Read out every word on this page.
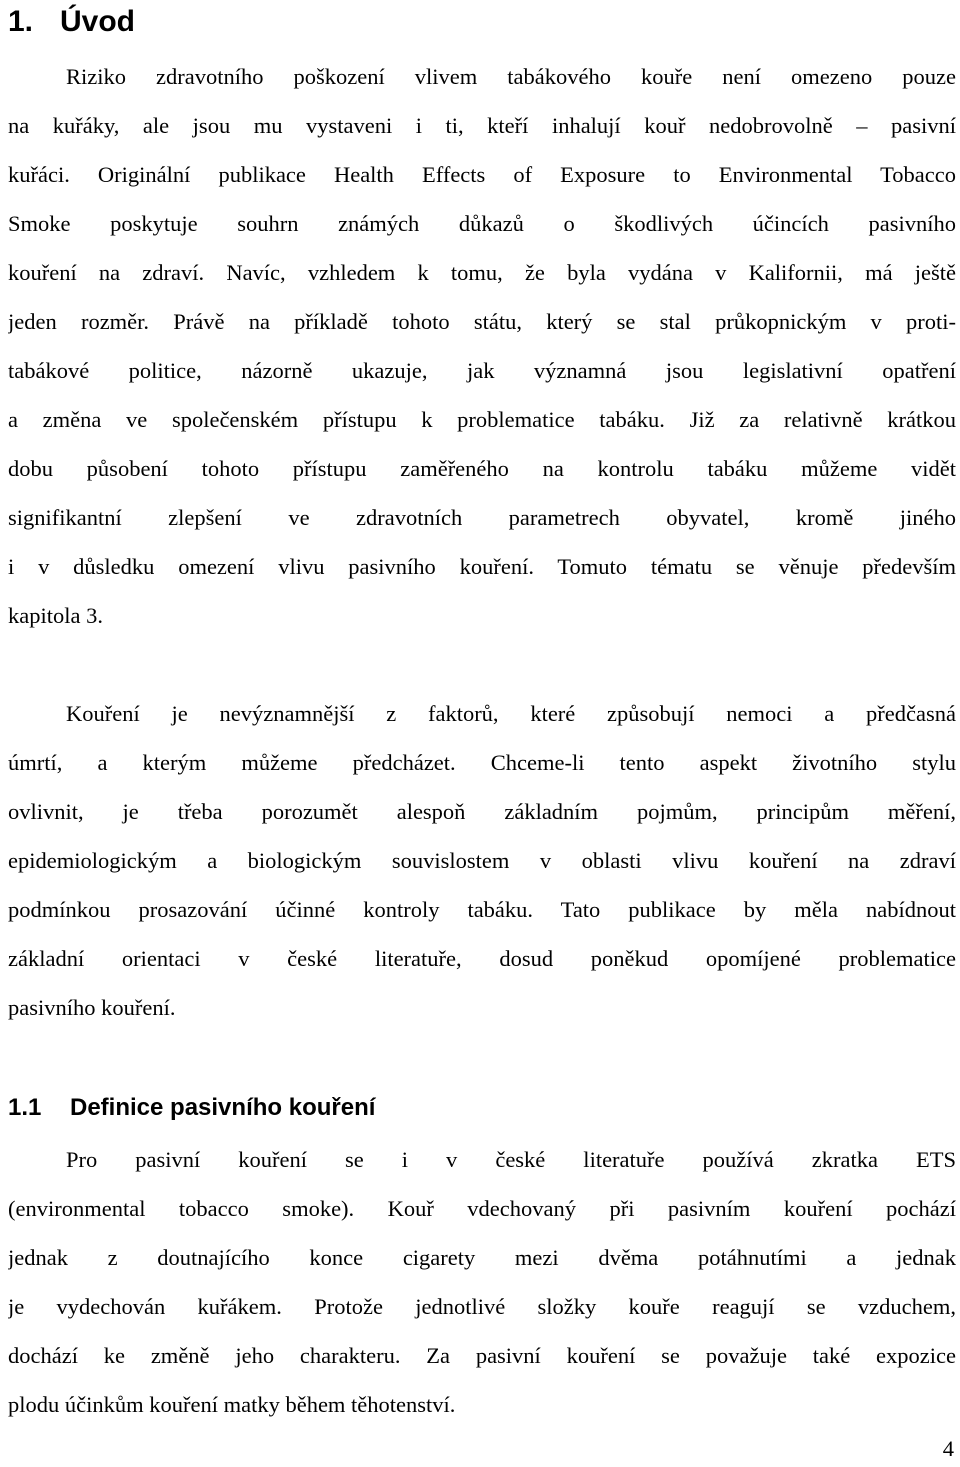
1. Úvod
Riziko zdravotního poškození vlivem tabákového kouře není omezeno pouze
na kuřáky, ale jsou mu vystaveni i ti, kteří inhalují kouř nedobrovolně – pasivní
kuřáci. Originální publikace Health Effects of Exposure to Environmental Tobacco
Smoke poskytuje souhrn známých důkazů o škodlivých účincích pasivního
kouření na zdraví. Navíc, vzhledem k tomu, že byla vydána v Kalifornii, má ještě
jeden rozměr. Právě na příkladě tohoto státu, který se stal průkopnickým v proti-
tabákové politice, názorně ukazuje, jak významná jsou legislativní opatření
a změna ve společenském přístupu k problematice tabáku. Již za relativně krátkou
dobu působení tohoto přístupu zaměřeného na kontrolu tabáku můžeme vidět
signifikantní zlepšení ve zdravotních parametrech obyvatel, kromě jiného
i v důsledku omezení vlivu pasivního kouření. Tomuto tématu se věnuje především
kapitola 3.
Kouření je nevýznamnější z faktorů, které způsobují nemoci a předčasná
úmrtí, a kterým můžeme předcházet. Chceme-li tento aspekt životního stylu
ovlivnit, je třeba porozumět alespoň základním pojmům, principům měření,
epidemiologickým a biologickým souvislostem v oblasti vlivu kouření na zdraví
podmínkou prosazování účinné kontroly tabáku. Tato publikace by měla nabídnout
základní orientaci v české literatuře, dosud poněkud opomíjené problematice
pasivního kouření.
1.1 Definice pasivního kouření
Pro pasivní kouření se i v české literatuře používá zkratka ETS
(environmental tobacco smoke). Kouř vdechovaný při pasivním kouření pochází
jednak z doutnajícího konce cigarety mezi dvěma potáhnutími a jednak
je vydechován kuřákem. Protože jednotlivé složky kouře reagují se vzduchem,
dochází ke změně jeho charakteru. Za pasivní kouření se považuje také expozice
plodu účinkům kouření matky během těhotenství.
4
